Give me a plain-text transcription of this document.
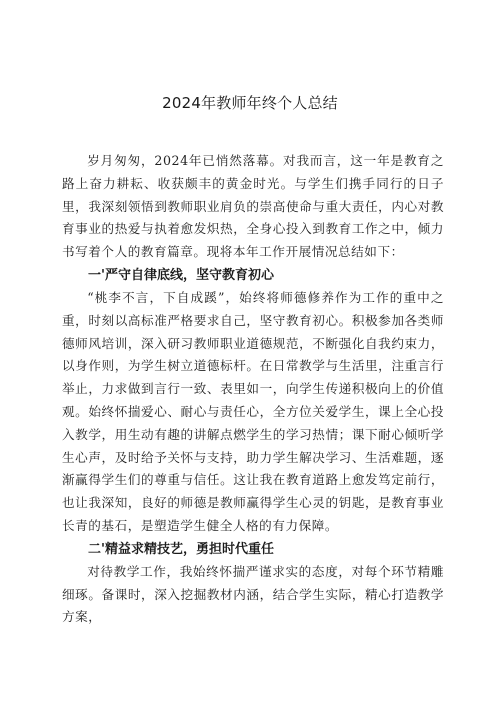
2024年教师年终个人总结

岁月匆匆，2024年已悄然落幕。对我而言，这一年是教育之路上奋力耕耘、收获颇丰的黄金时光。与学生们携手同行的日子里，我深刻领悟到教师职业肩负的崇高使命与重大责任，内心对教育事业的热爱与执着愈发炽热，全身心投入到教育工作之中，倾力书写着个人的教育篇章。现将本年工作开展情况总结如下：

一'严守自律底线，坚守教育初心

“桃李不言，下自成蹊”，始终将师德修养作为工作的重中之重，时刻以高标准严格要求自己，坚守教育初心。积极参加各类师德师风培训，深入研习教师职业道德规范，不断强化自我约束力，以身作则，为学生树立道德标杆。在日常教学与生活里，注重言行举止，力求做到言行一致、表里如一，向学生传递积极向上的价值观。始终怀揣爱心、耐心与责任心，全方位关爱学生，课上全心投入教学，用生动有趣的讲解点燃学生的学习热情；课下耐心倾听学生心声，及时给予关怀与支持，助力学生解决学习、生活难题，逐渐赢得学生们的尊重与信任。这让我在教育道路上愈发笃定前行，也让我深知，良好的师德是教师赢得学生心灵的钥匙，是教育事业长青的基石，是塑造学生健全人格的有力保障。

二'精益求精技艺，勇担时代重任

对待教学工作，我始终怀揣严谨求实的态度，对每个环节精雕细琢。备课时，深入挖掘教材内涵，结合学生实际，精心打造教学方案，
